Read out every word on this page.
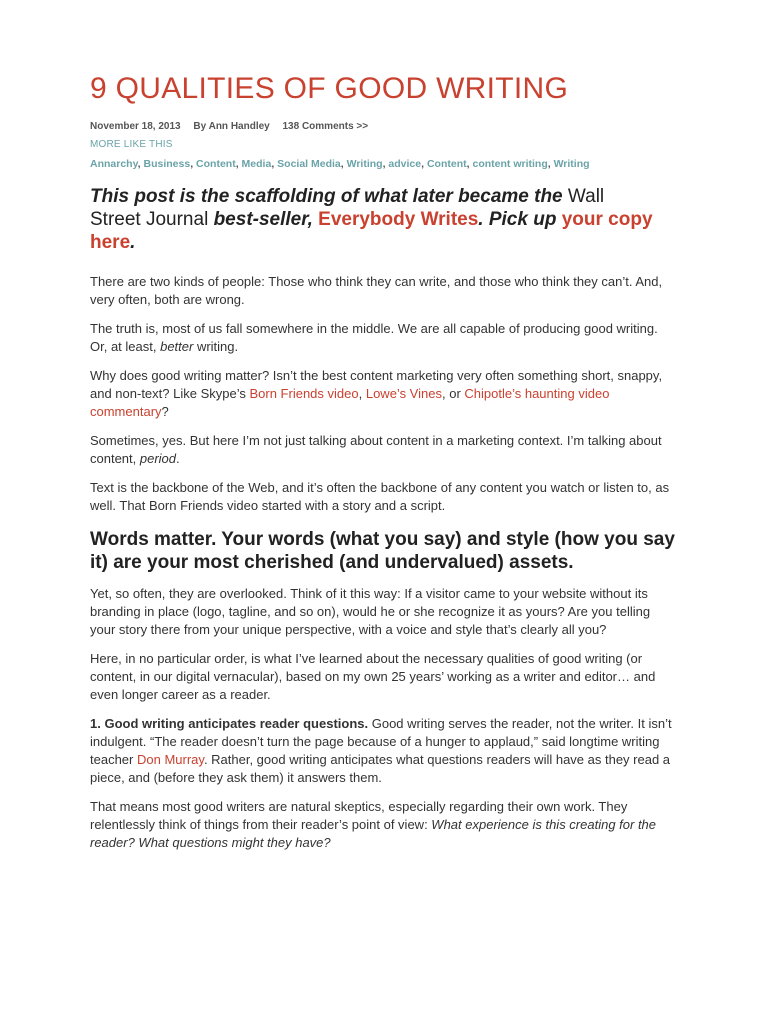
9 QUALITIES OF GOOD WRITING
November 18, 2013 By Ann Handley 138 Comments >>
MORE LIKE THIS
Annarchy, Business, Content, Media, Social Media, Writing, advice, Content, content writing, Writing

This post is the scaffolding of what later became the Wall Street Journal best-seller, Everybody Writes. Pick up your copy here.

There are two kinds of people: Those who think they can write, and those who think they can’t. And, very often, both are wrong.

The truth is, most of us fall somewhere in the middle. We are all capable of producing good writing. Or, at least, better writing.

Why does good writing matter? Isn’t the best content marketing very often something short, snappy, and non-text? Like Skype’s Born Friends video, Lowe’s Vines, or Chipotle’s haunting video commentary?

Sometimes, yes. But here I’m not just talking about content in a marketing context. I’m talking about content, period.

Text is the backbone of the Web, and it’s often the backbone of any content you watch or listen to, as well. That Born Friends video started with a story and a script.

Words matter. Your words (what you say) and style (how you say it) are your most cherished (and undervalued) assets.

Yet, so often, they are overlooked. Think of it this way: If a visitor came to your website without its branding in place (logo, tagline, and so on), would he or she recognize it as yours? Are you telling your story there from your unique perspective, with a voice and style that’s clearly all you?

Here, in no particular order, is what I’ve learned about the necessary qualities of good writing (or content, in our digital vernacular), based on my own 25 years’ working as a writer and editor… and even longer career as a reader.

1. Good writing anticipates reader questions. Good writing serves the reader, not the writer. It isn’t indulgent. “The reader doesn’t turn the page because of a hunger to applaud,” said longtime writing teacher Don Murray. Rather, good writing anticipates what questions readers will have as they read a piece, and (before they ask them) it answers them.

That means most good writers are natural skeptics, especially regarding their own work. They relentlessly think of things from their reader’s point of view: What experience is this creating for the reader? What questions might they have?
